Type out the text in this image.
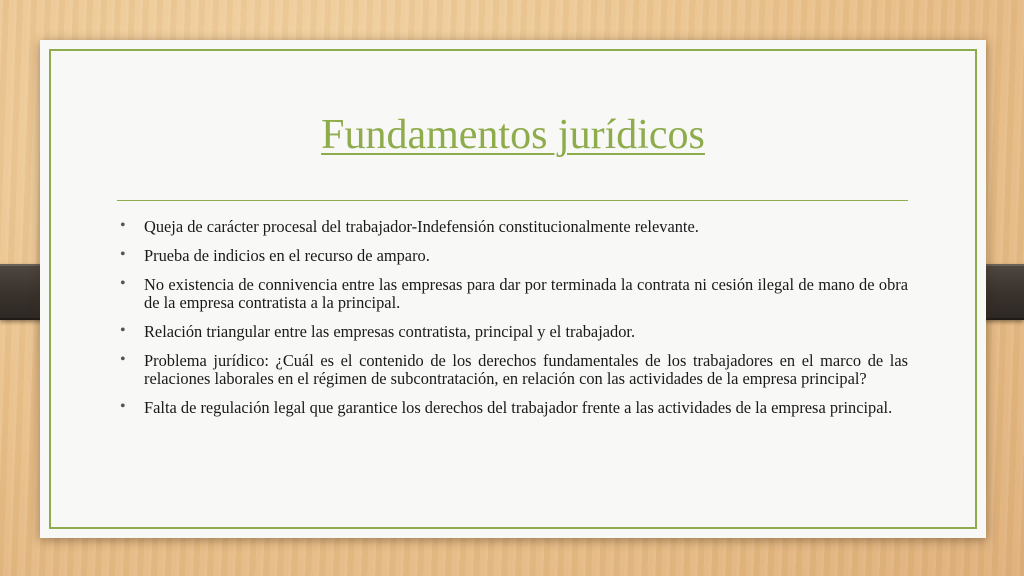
Fundamentos jurídicos
• Queja de carácter procesal del trabajador-Indefensión constitucionalmente relevante.
• Prueba de indicios en el recurso de amparo.
• No existencia de connivencia entre las empresas para dar por terminada la contrata ni cesión ilegal de mano de obra de la empresa contratista a la principal.
• Relación triangular entre las empresas contratista, principal y el trabajador.
• Problema jurídico: ¿Cuál es el contenido de los derechos fundamentales de los trabajadores en el marco de las relaciones laborales en el régimen de subcontratación, en relación con las actividades de la empresa principal?
• Falta de regulación legal que garantice los derechos del trabajador frente a las actividades de la empresa principal.
